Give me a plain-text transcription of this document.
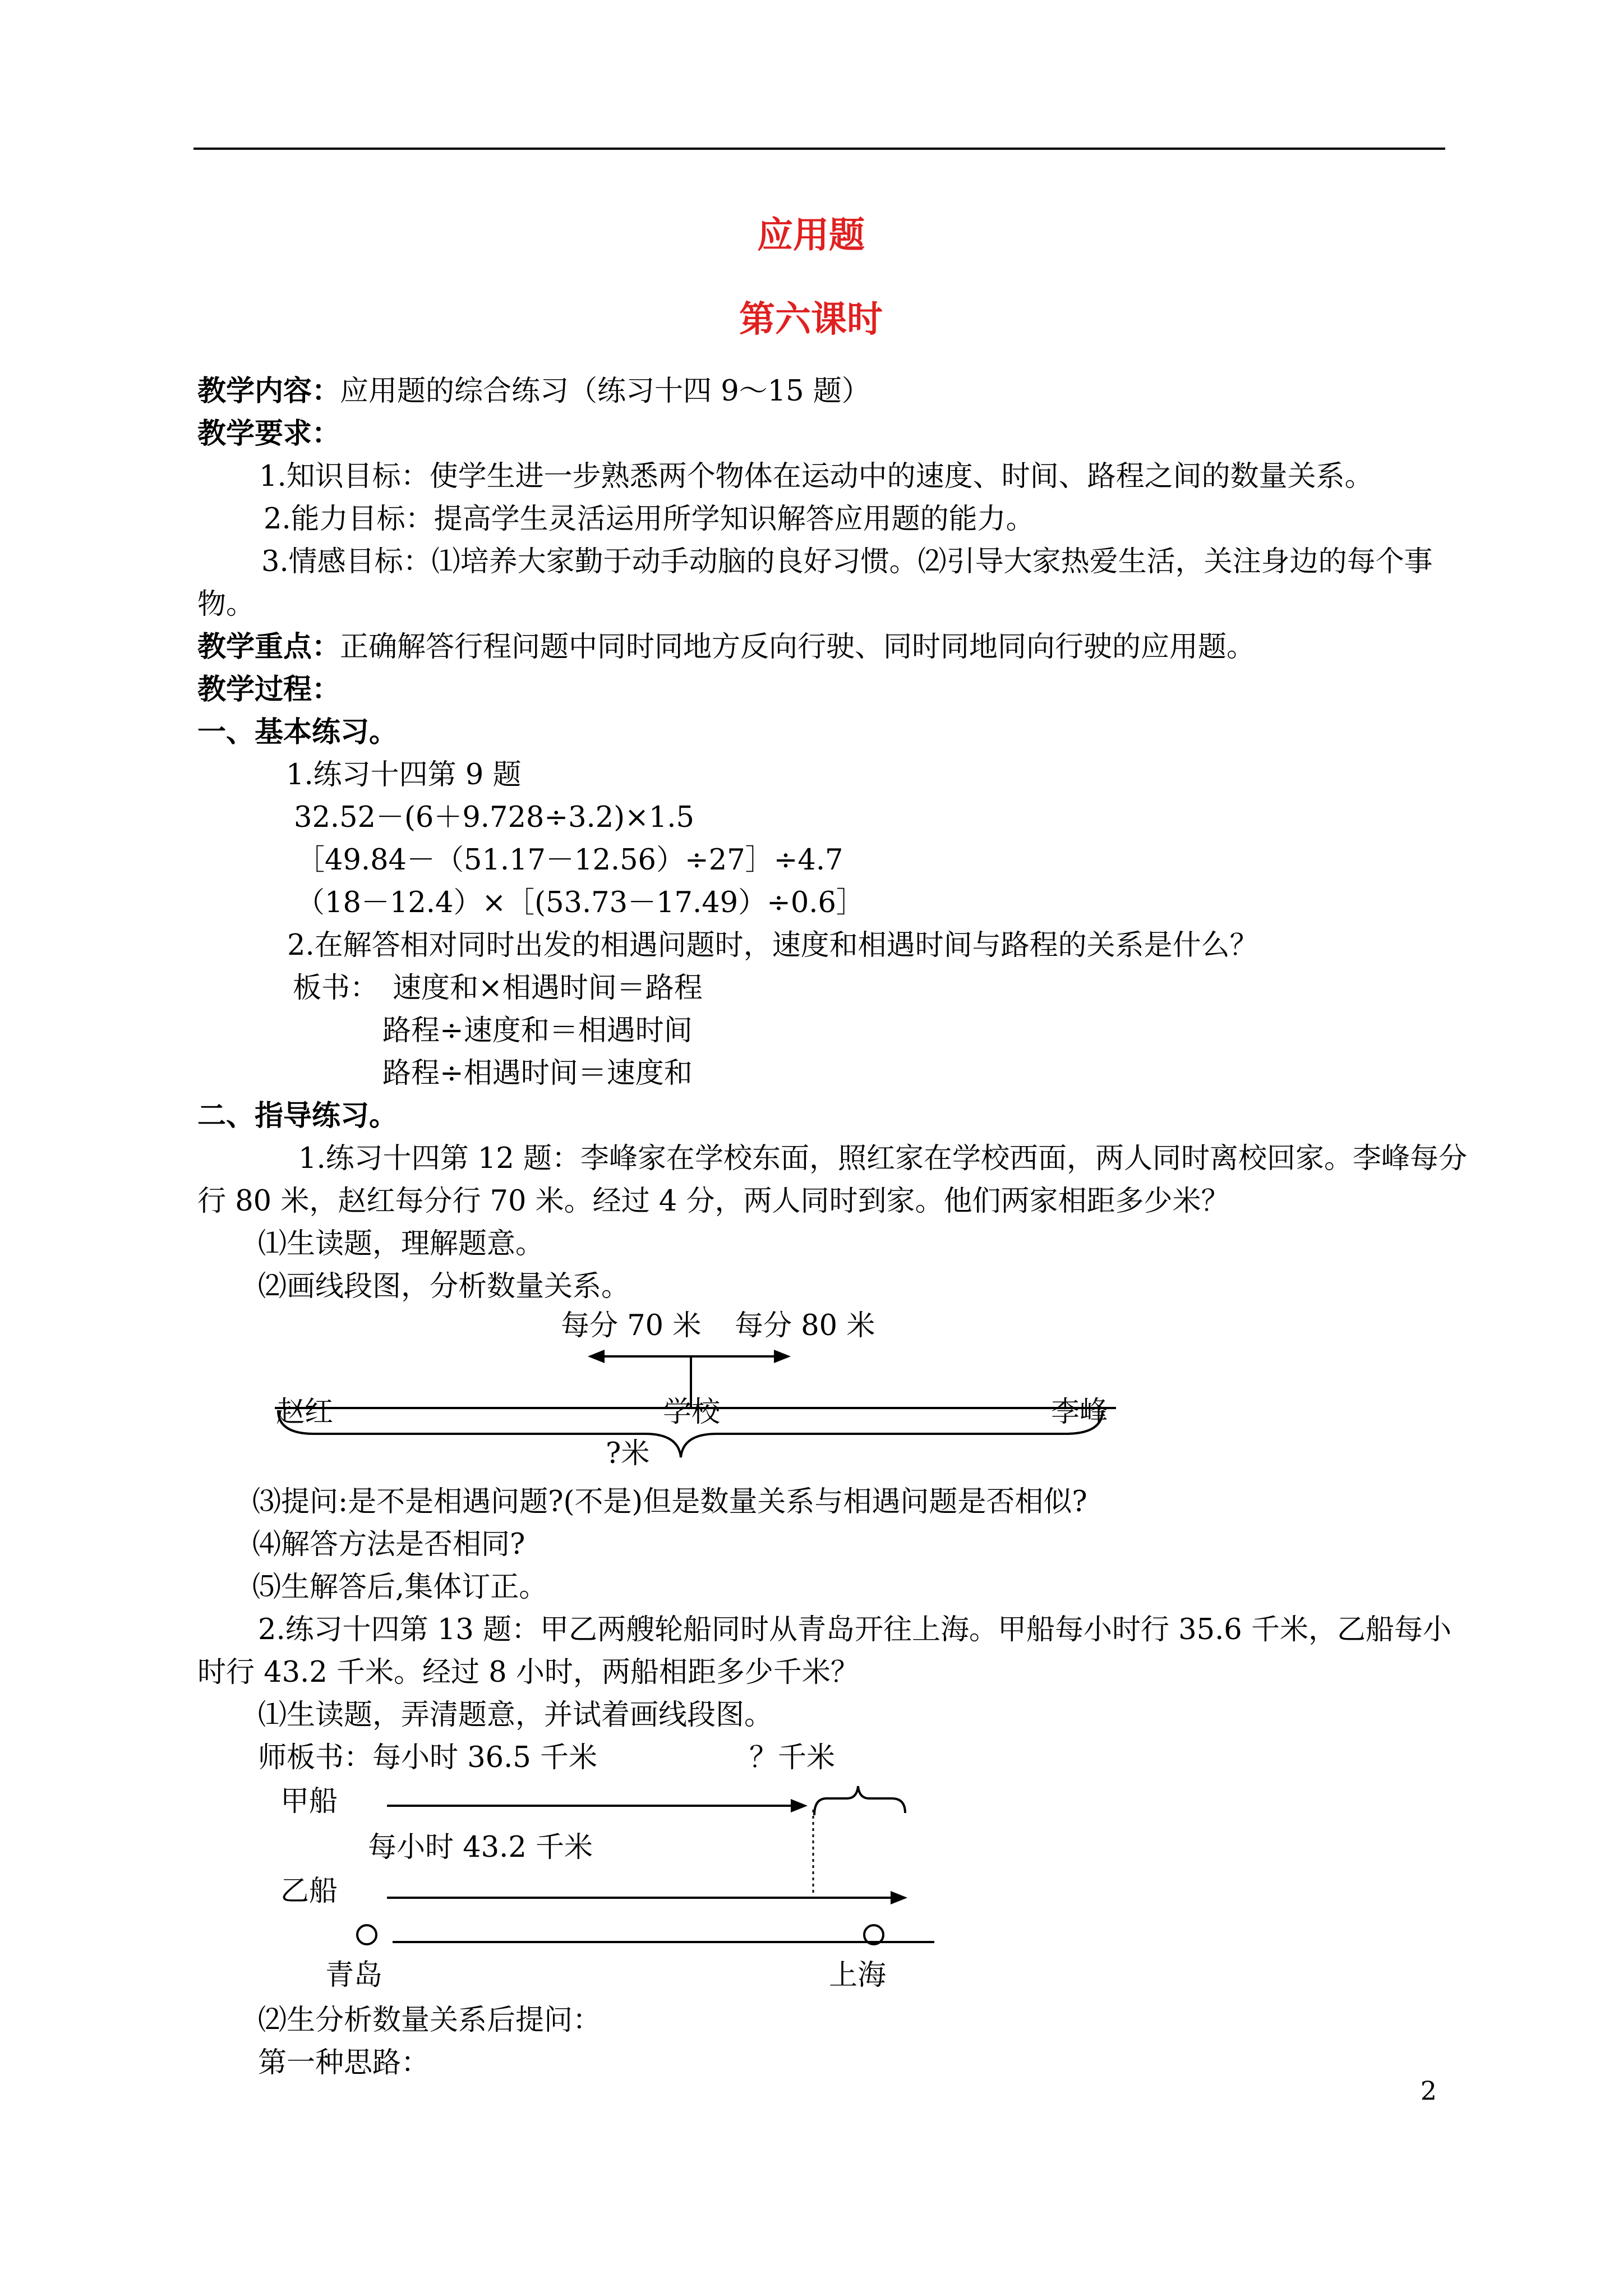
应用题
第六课时
教学内容：
应用题的综合练习（练习十四 9～15 题）
教学要求：
1.知识目标：使学生进一步熟悉两个物体在运动中的速度、时间、路程之间的数量关系。
2.能力目标：提高学生灵活运用所学知识解答应用题的能力。
3.情感目标：⑴培养大家勤于动手动脑的良好习惯。⑵引导大家热爱生活，关注身边的每个事
物。
教学重点：
正确解答行程问题中同时同地方反向行驶、同时同地同向行驶的应用题。
教学过程：
一、基本练习。
1.练习十四第 9 题
32.52－(6＋9.728÷3.2)×1.5
［49.84－（51.17－12.56）÷27］÷4.7
（18－12.4）×［(53.73－17.49）÷0.6］
2.在解答相对同时出发的相遇问题时，速度和相遇时间与路程的关系是什么？
板书： 速度和×相遇时间＝路程
路程÷速度和＝相遇时间
路程÷相遇时间＝速度和
二、指导练习。
1.练习十四第 12 题：李峰家在学校东面，照红家在学校西面，两人同时离校回家。李峰每分
行 80 米，赵红每分行 70 米。经过 4 分，两人同时到家。他们两家相距多少米？
⑴生读题，理解题意。
⑵画线段图，分析数量关系。
每分 70 米 每分 80 米
赵红	学校	李峰
?米
⑶提问:是不是相遇问题?(不是)但是数量关系与相遇问题是否相似?
⑷解答方法是否相同?
⑸生解答后,集体订正。
2.练习十四第 13 题：甲乙两艘轮船同时从青岛开往上海。甲船每小时行 35.6 千米，乙船每小
时行 43.2 千米。经过 8 小时，两船相距多少千米？
⑴生读题，弄清题意，并试着画线段图。
师板书：每小时 36.5 千米	？千米
甲船
每小时 43.2 千米
乙船
青岛	上海
⑵生分析数量关系后提问：
第一种思路：
2
